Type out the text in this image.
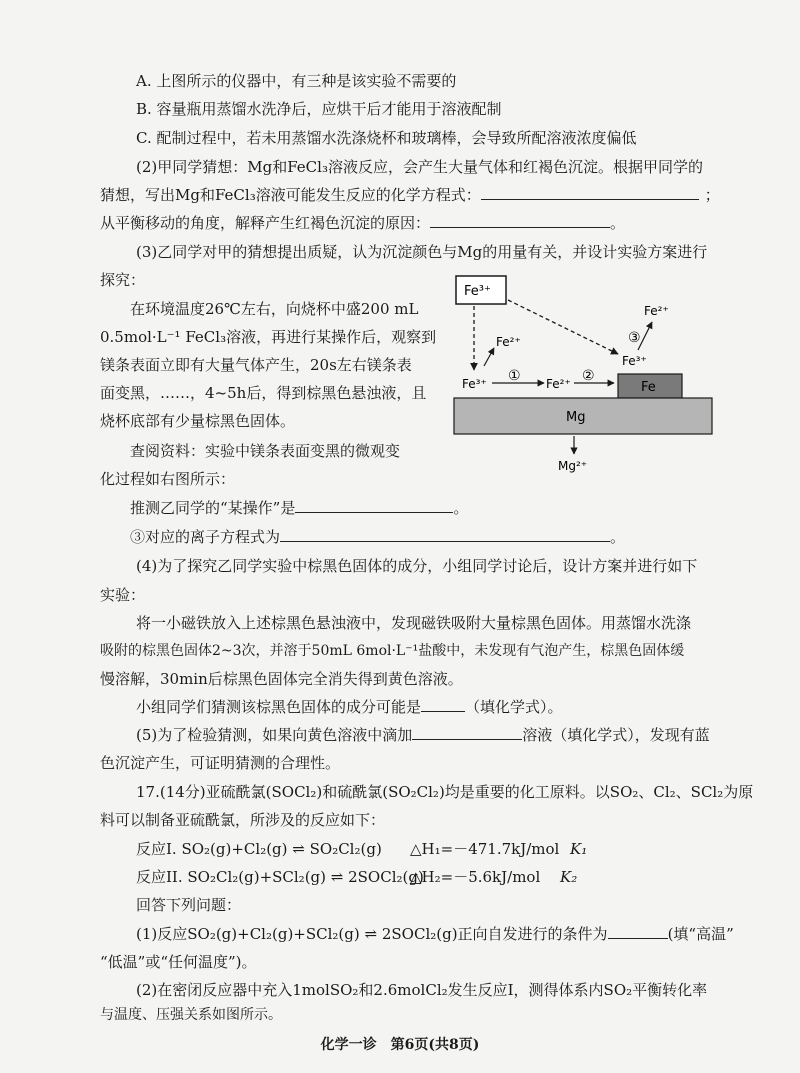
A. 上图所示的仪器中，有三种是该实验不需要的
B. 容量瓶用蒸馏水洗净后，应烘干后才能用于溶液配制
C. 配制过程中，若未用蒸馏水洗涤烧杯和玻璃棒，会导致所配溶液浓度偏低
(2)甲同学猜想：Mg和FeCl₃溶液反应，会产生大量气体和红褐色沉淀。根据甲同学的
猜想，写出Mg和FeCl₃溶液可能发生反应的化学方程式：	；
从平衡移动的角度，解释产生红褐色沉淀的原因：	。
(3)乙同学对甲的猜想提出质疑，认为沉淀颜色与Mg的用量有关，并设计实验方案进行
探究：
在环境温度26℃左右，向烧杯中盛200 mL
0.5mol·L⁻¹ FeCl₃溶液，再进行某操作后，观察到
镁条表面立即有大量气体产生，20s左右镁条表
面变黑，……，4~5h后，得到棕黑色悬浊液，且
烧杯底部有少量棕黑色固体。
查阅资料：实验中镁条表面变黑的微观变
化过程如右图所示：
推测乙同学的“某操作”是	。
③对应的离子方程式为	。
Fe³⁺
Fe²⁺
③
Fe²⁺
Fe³⁺
Fe³⁺ ① Fe²⁺ ②
Fe
Mg
Mg²⁺
(4)为了探究乙同学实验中棕黑色固体的成分，小组同学讨论后，设计方案并进行如下
实验：
将一小磁铁放入上述棕黑色悬浊液中，发现磁铁吸附大量棕黑色固体。用蒸馏水洗涤
吸附的棕黑色固体2~3次，并溶于50mL 6mol·L⁻¹盐酸中，未发现有气泡产生，棕黑色固体缓
慢溶解，30min后棕黑色固体完全消失得到黄色溶液。
小组同学们猜测该棕黑色固体的成分可能是	（填化学式）。
(5)为了检验猜测，如果向黄色溶液中滴加	溶液（填化学式），发现有蓝
色沉淀产生，可证明猜测的合理性。
17.(14分)亚硫酰氯(SOCl₂)和硫酰氯(SO₂Cl₂)均是重要的化工原料。以SO₂、Cl₂、SCl₂为原
料可以制备亚硫酰氯，所涉及的反应如下：
反应I. SO₂(g)+Cl₂(g) ⇌ SO₂Cl₂(g) △H₁=－471.7kJ/mol K₁
反应II. SO₂Cl₂(g)+SCl₂(g) ⇌ 2SOCl₂(g)
△H₂=－5.6kJ/mol K₂
回答下列问题：
(1)反应SO₂(g)+Cl₂(g)+SCl₂(g) ⇌ 2SOCl₂(g)正向自发进行的条件为	(填“高温”
“低温”或“任何温度”)。
(2)在密闭反应器中充入1molSO₂和2.6molCl₂发生反应Ⅰ，测得体系内SO₂平衡转化率
与温度、压强关系如图所示。
化学一诊　第6页(共8页)
